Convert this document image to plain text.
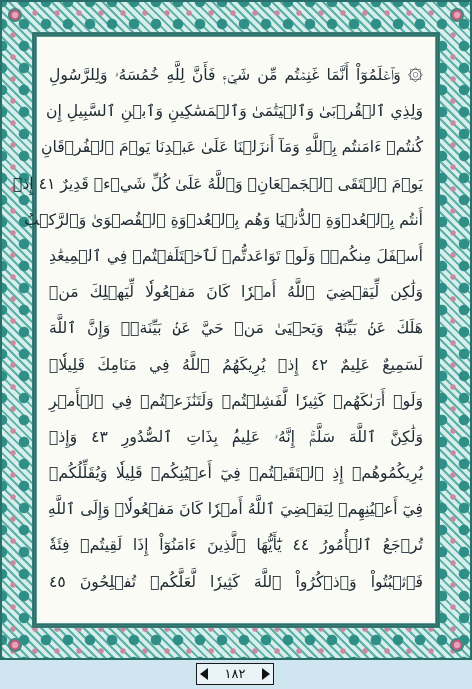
۞ وَٱعۡلَمُوٓاْ أَنَّمَا غَنِمۡتُم مِّن شَيۡءٖ فَأَنَّ لِلَّهِ خُمُسَهُۥ وَلِلرَّسُولِ
وَلِذِي ٱلۡقُرۡبَىٰ وَٱلۡيَتَٰمَىٰ وَٱلۡمَسَٰكِينِ وَٱبۡنِ ٱلسَّبِيلِ إِن
كُنتُمۡ ءَامَنتُم بِٱللَّهِ وَمَآ أَنزَلۡنَا عَلَىٰ عَبۡدِنَا يَوۡمَ ٱلۡفُرۡقَانِ
يَوۡمَ ٱلۡتَقَى ٱلۡجَمۡعَانِۗ وَٱللَّهُ عَلَىٰ كُلِّ شَيۡءٖ قَدِيرٌ ٤١ إِذۡ
أَنتُم بِٱلۡعُدۡوَةِ ٱلدُّنۡيَا وَهُم بِٱلۡعُدۡوَةِ ٱلۡقُصۡوَىٰ وَٱلرَّكۡبُ
أَسۡفَلَ مِنكُمۡۚ وَلَوۡ تَوَاعَدتُّمۡ لَٱخۡتَلَفۡتُمۡ فِي ٱلۡمِيعَٰدِ
وَلَٰكِن لِّيَقۡضِيَ ٱللَّهُ أَمۡرٗا كَانَ مَفۡعُولٗا لِّيَهۡلِكَ مَنۡ
هَلَكَ عَنۢ بَيِّنَةٖ وَيَحۡيَىٰ مَنۡ حَيَّ عَنۢ بَيِّنَةٖۗ وَإِنَّ ٱللَّهَ
لَسَمِيعٌ عَلِيمٌ ٤٢ إِذۡ يُرِيكَهُمُ ٱللَّهُ فِي مَنَامِكَ قَلِيلٗاۖ
وَلَوۡ أَرَىٰكَهُمۡ كَثِيرٗا لَّفَشِلۡتُمۡ وَلَتَنَٰزَعۡتُمۡ فِي ٱلۡأَمۡرِ
وَلَٰكِنَّ ٱللَّهَ سَلَّمَۚ إِنَّهُۥ عَلِيمُۢ بِذَاتِ ٱلصُّدُورِ ٤٣ وَإِذۡ
يُرِيكُمُوهُمۡ إِذِ ٱلۡتَقَيۡتُمۡ فِيٓ أَعۡيُنِكُمۡ قَلِيلٗا وَيُقَلِّلُكُمۡ
فِيٓ أَعۡيُنِهِمۡ لِيَقۡضِيَ ٱللَّهُ أَمۡرٗا كَانَ مَفۡعُولٗاۗ وَإِلَى ٱللَّهِ
تُرۡجَعُ ٱلۡأُمُورُ ٤٤ يَٰٓأَيُّهَا ٱلَّذِينَ ءَامَنُوٓاْ إِذَا لَقِيتُمۡ فِئَةٗ
فَٱثۡبُتُواْ وَٱذۡكُرُواْ ٱللَّهَ كَثِيرٗا لَّعَلَّكُمۡ تُفۡلِحُونَ ٤٥
١٨٢
